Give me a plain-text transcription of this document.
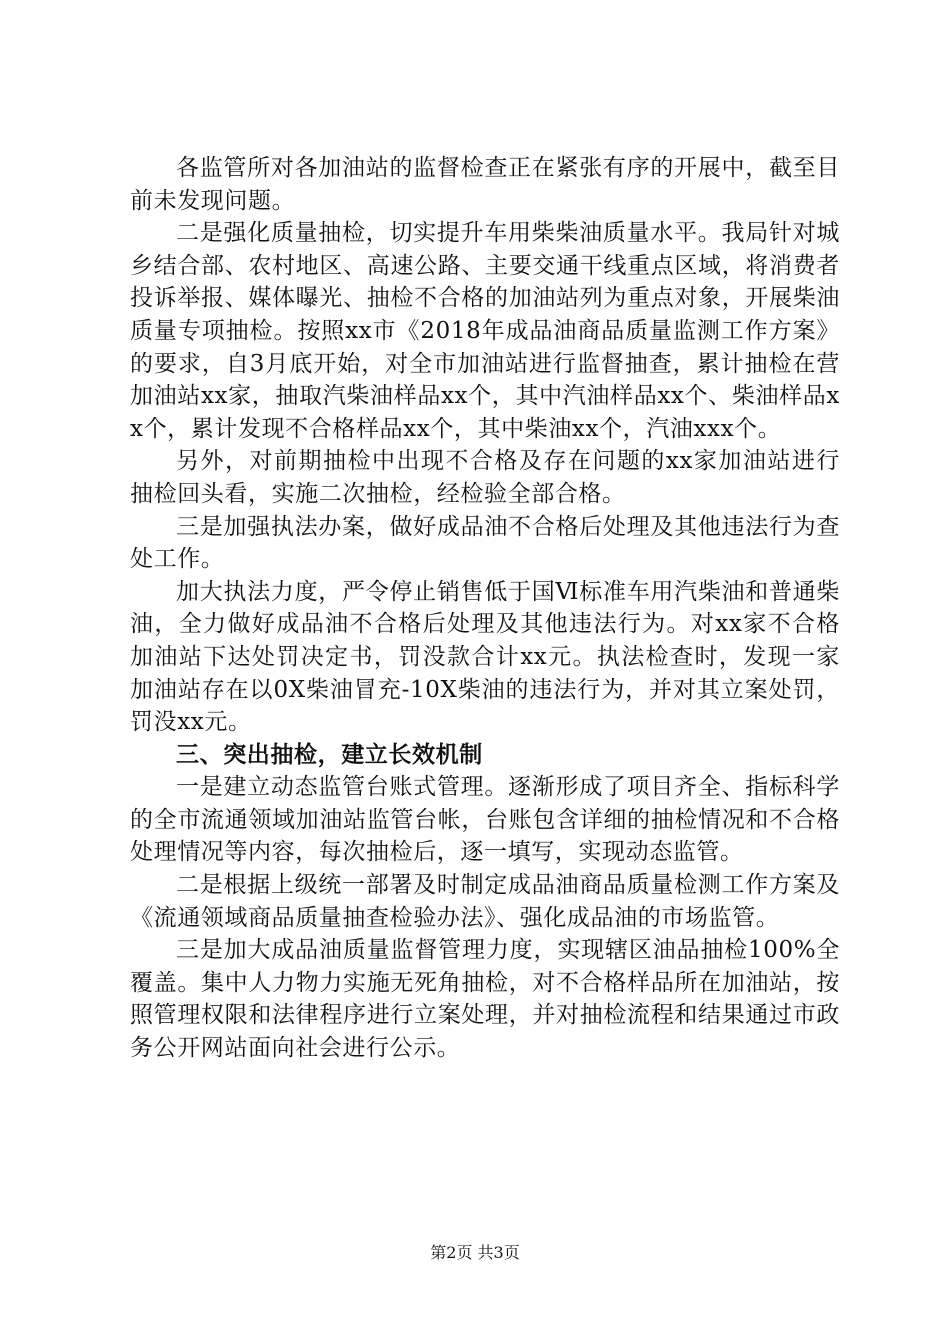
各监管所对各加油站的监督检查正在紧张有序的开展中，截至目前未发现问题。

二是强化质量抽检，切实提升车用柴柴油质量水平。我局针对城乡结合部、农村地区、高速公路、主要交通干线重点区域，将消费者投诉举报、媒体曝光、抽检不合格的加油站列为重点对象，开展柴油质量专项抽检。按照xx市《2018年成品油商品质量监测工作方案》的要求，自3月底开始，对全市加油站进行监督抽查，累计抽检在营加油站xx家，抽取汽柴油样品xx个，其中汽油样品xx个、柴油样品xx个，累计发现不合格样品xx个，其中柴油xx个，汽油xxx个。

另外，对前期抽检中出现不合格及存在问题的xx家加油站进行抽检回头看，实施二次抽检，经检验全部合格。

三是加强执法办案，做好成品油不合格后处理及其他违法行为查处工作。

加大执法力度，严令停止销售低于国Ⅵ标准车用汽柴油和普通柴油，全力做好成品油不合格后处理及其他违法行为。对xx家不合格加油站下达处罚决定书，罚没款合计xx元。执法检查时，发现一家加油站存在以0X柴油冒充-10X柴油的违法行为，并对其立案处罚，罚没xx元。

三、突出抽检，建立长效机制

一是建立动态监管台账式管理。逐渐形成了项目齐全、指标科学的全市流通领域加油站监管台帐，台账包含详细的抽检情况和不合格处理情况等内容，每次抽检后，逐一填写，实现动态监管。

二是根据上级统一部署及时制定成品油商品质量检测工作方案及《流通领域商品质量抽查检验办法》、强化成品油的市场监管。

三是加大成品油质量监督管理力度，实现辖区油品抽检100%全覆盖。集中人力物力实施无死角抽检，对不合格样品所在加油站，按照管理权限和法律程序进行立案处理，并对抽检流程和结果通过市政务公开网站面向社会进行公示。

第2页 共3页
